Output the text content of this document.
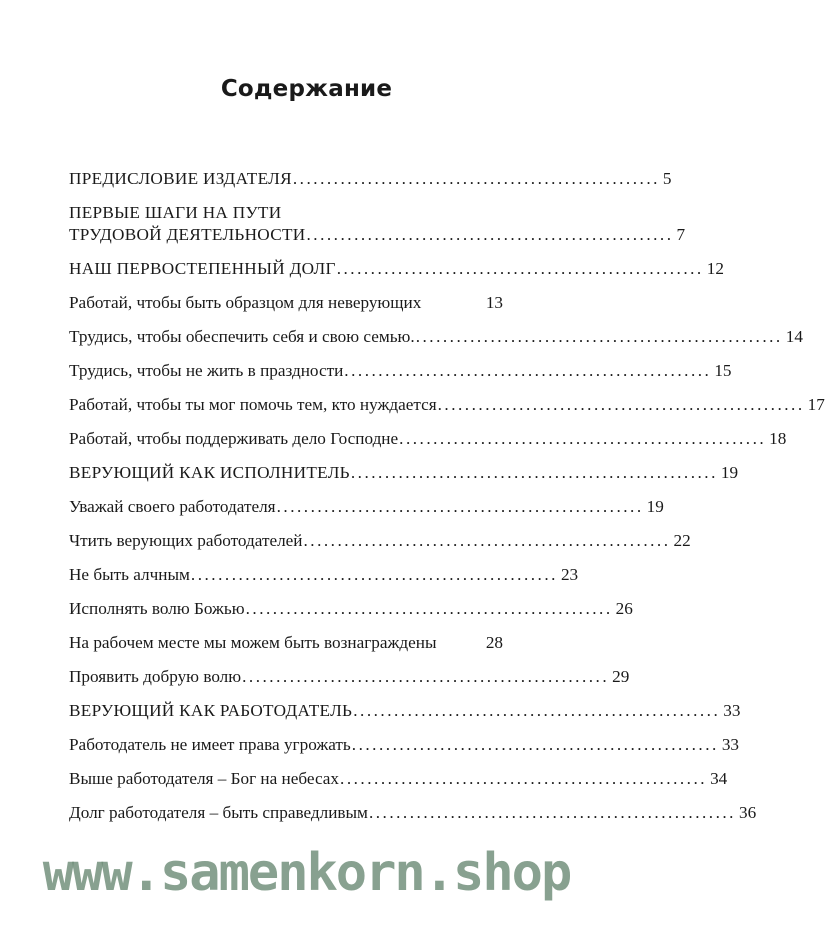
Содержание
ПРЕДИСЛОВИЕ ИЗДАТЕЛЯ ...................................................... 5
ПЕРВЫЕ ШАГИ НА ПУТИ
ТРУДОВОЙ ДЕЯТЕЛЬНОСТИ ...................................................... 7
НАШ ПЕРВОСТЕПЕННЫЙ ДОЛГ ...................................................... 12
Работай, чтобы быть образцом для неверующих	13
Трудись, чтобы обеспечить себя и свою семью. ...................................................... 14
Трудись, чтобы не жить в праздности ...................................................... 15
Работай, чтобы ты мог помочь тем, кто нуждается ...................................................... 17
Работай, чтобы поддерживать дело Господне ...................................................... 18
ВЕРУЮЩИЙ КАК ИСПОЛНИТЕЛЬ ...................................................... 19
Уважай своего работодателя ...................................................... 19
Чтить верующих работодателей ...................................................... 22
Не быть алчным ...................................................... 23
Исполнять волю Божью ...................................................... 26
На рабочем месте мы можем быть вознаграждены	28
Проявить добрую волю ...................................................... 29
ВЕРУЮЩИЙ КАК РАБОТОДАТЕЛЬ ...................................................... 33
Работодатель не имеет права угрожать ...................................................... 33
Выше работодателя – Бог на небесах ...................................................... 34
Долг работодателя – быть справедливым ...................................................... 36
www.samenkorn.shop
